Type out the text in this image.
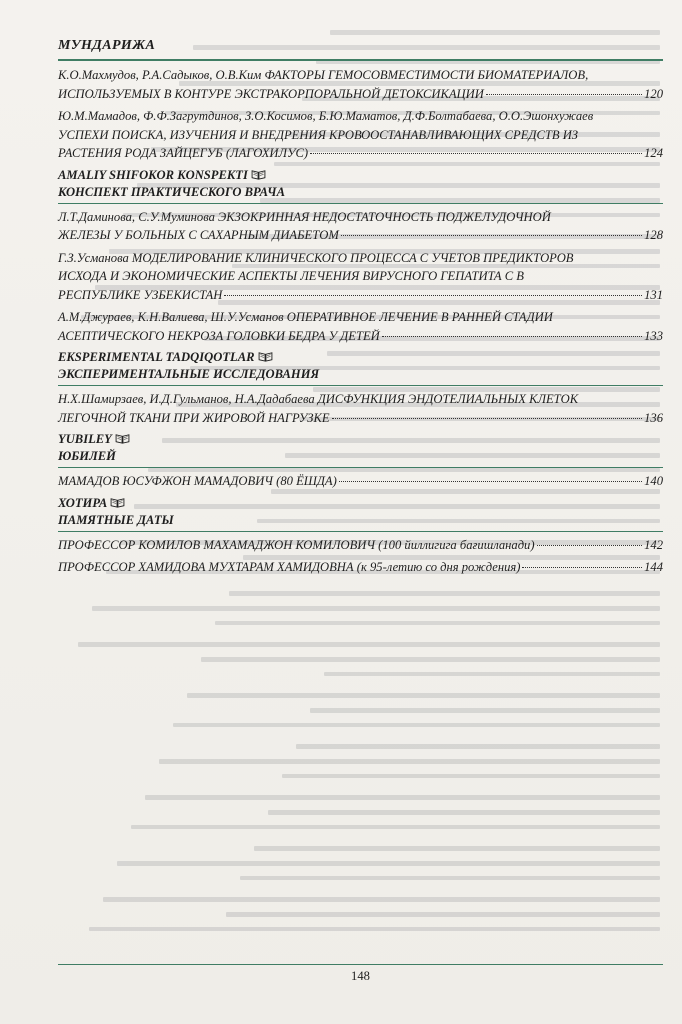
МУНДАРИЖА
К.О.Махмудов, Р.А.Садыков, О.В.Ким ФАКТОРЫ ГЕМОСОВМЕСТИМОСТИ БИОМАТЕРИАЛОВ,
ИСПОЛЬЗУЕМЫХ В КОНТУРЕ ЭКСТРАКОРПОРАЛЬНОЙ ДЕТОКСИКАЦИИ	120
Ю.М.Мамадов, Ф.Ф.Загрутдинов, З.О.Косимов, Б.Ю.Маматов, Д.Ф.Болтабаева, О.О.Эшонхужаев
УСПЕХИ ПОИСКА, ИЗУЧЕНИЯ И ВНЕДРЕНИЯ КРОВООСТАНАВЛИВАЮЩИХ СРЕДСТВ ИЗ
РАСТЕНИЯ РОДА ЗАЙЦЕГУБ (ЛАГОХИЛУС)	124
AMALIY SHIFOKOR KONSPEKTI
КОНСПЕКТ ПРАКТИЧЕСКОГО ВРАЧА
Л.Т.Даминова, С.У.Муминова ЭКЗОКРИННАЯ НЕДОСТАТОЧНОСТЬ ПОДЖЕЛУДОЧНОЙ
ЖЕЛЕЗЫ У БОЛЬНЫХ С САХАРНЫМ ДИАБЕТОМ	128
Г.З.Усманова МОДЕЛИРОВАНИЕ КЛИНИЧЕСКОГО ПРОЦЕССА С УЧЕТОВ ПРЕДИКТОРОВ
ИСХОДА И ЭКОНОМИЧЕСКИЕ АСПЕКТЫ ЛЕЧЕНИЯ ВИРУСНОГО ГЕПАТИТА С В
РЕСПУБЛИКЕ УЗБЕКИСТАН	131
А.М.Джураев, К.Н.Валиева, Ш.У.Усманов ОПЕРАТИВНОЕ ЛЕЧЕНИЕ В РАННЕЙ СТАДИИ
АСЕПТИЧЕСКОГО НЕКРОЗА ГОЛОВКИ БЕДРА У ДЕТЕЙ	133
EKSPERIMENTAL TADQIQOTLAR
ЭКСПЕРИМЕНТАЛЬНЫЕ ИССЛЕДОВАНИЯ
Н.Х.Шамирзаев, И.Д.Гульманов, Н.А.Дадабаева ДИСФУНКЦИЯ ЭНДОТЕЛИАЛЬНЫХ КЛЕТОК
ЛЕГОЧНОЙ ТКАНИ ПРИ ЖИРОВОЙ НАГРУЗКЕ	136
YUBILEY
ЮБИЛЕЙ
МАМАДОВ ЮСУФЖОН МАМАДОВИЧ (80 ЁШДА)	140
ХОТИРА
ПАМЯТНЫЕ ДАТЫ
ПРОФЕССОР КОМИЛОВ МАХАМАДЖОН КОМИЛОВИЧ (100 йиллигига бағишланади)	142
ПРОФЕССОР ХАМИДОВА МУХТАРАМ ХАМИДОВНА (к 95-летию со дня рождения)	144
148
